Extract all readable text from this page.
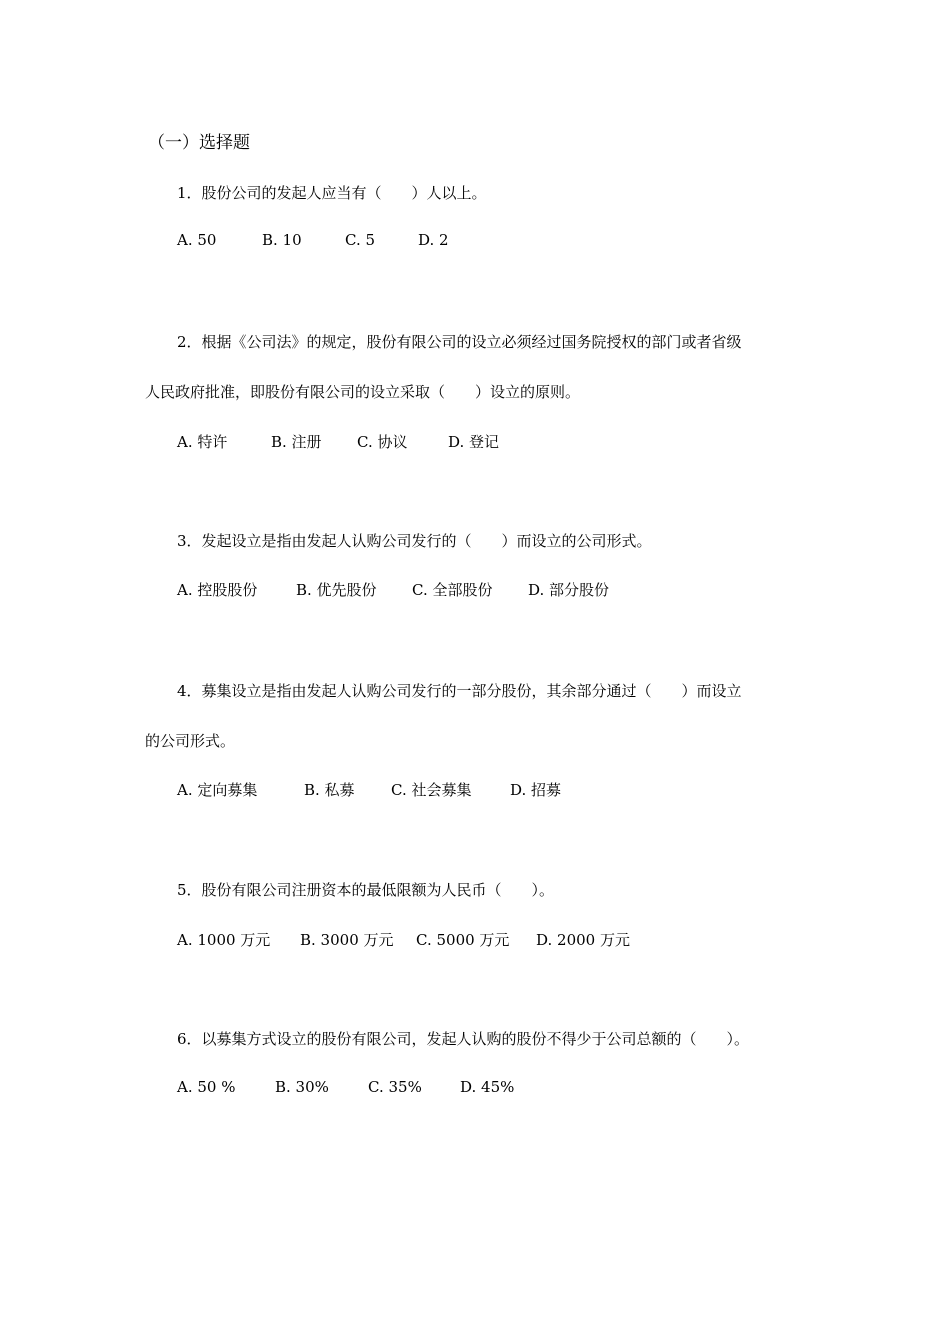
（一）选择题
1．股份公司的发起人应当有（　　）人以上。
A. 50	B. 10	C. 5	D. 2
2．根据《公司法》的规定，股份有限公司的设立必须经过国务院授权的部门或者省级
人民政府批准，即股份有限公司的设立采取（　　）设立的原则。
A. 特许	B. 注册 C. 协议	D. 登记
3．发起设立是指由发起人认购公司发行的（　　）而设立的公司形式。
A. 控股股份	B. 优先股份 C. 全部股份 D. 部分股份
4．募集设立是指由发起人认购公司发行的一部分股份，其余部分通过（　　）而设立
的公司形式。
A. 定向募集	B. 私募 C. 社会募集	D. 招募
5．股份有限公司注册资本的最低限额为人民币（　　）。
A. 1000 万元 B. 3000 万元 C. 5000 万元 D. 2000 万元
6．以募集方式设立的股份有限公司，发起人认购的股份不得少于公司总额的（　　）。
A. 50 %	B. 30%	C. 35%	D. 45%
